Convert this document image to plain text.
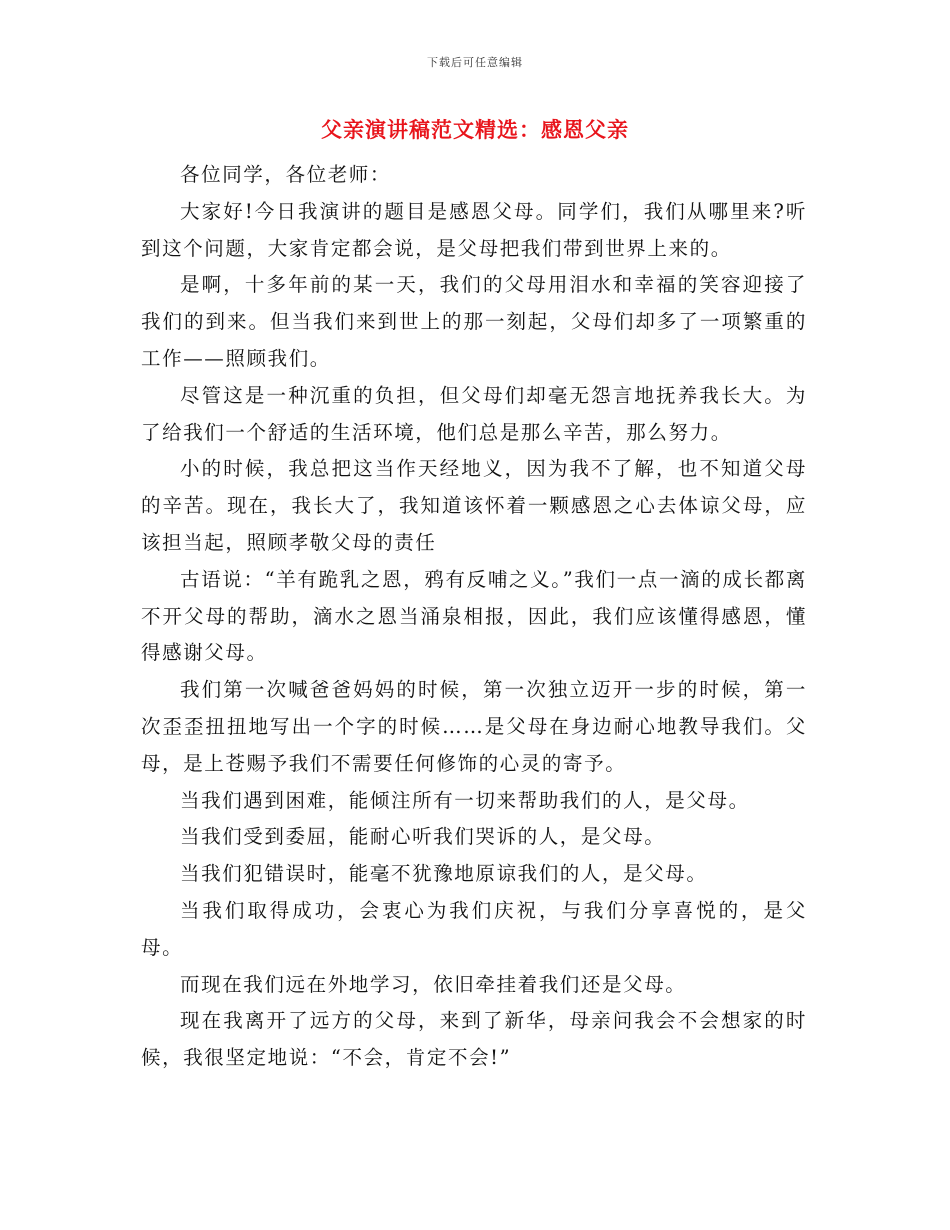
下载后可任意编辑
父亲演讲稿范文精选：感恩父亲

各位同学，各位老师：

大家好!今日我演讲的题目是感恩父母。同学们，我们从哪里来?听到这个问题，大家肯定都会说，是父母把我们带到世界上来的。

是啊，十多年前的某一天，我们的父母用泪水和幸福的笑容迎接了我们的到来。但当我们来到世上的那一刻起，父母们却多了一项繁重的工作——照顾我们。

尽管这是一种沉重的负担，但父母们却毫无怨言地抚养我长大。为了给我们一个舒适的生活环境，他们总是那么辛苦，那么努力。

小的时候，我总把这当作天经地义，因为我不了解，也不知道父母的辛苦。现在，我长大了，我知道该怀着一颗感恩之心去体谅父母，应该担当起，照顾孝敬父母的责任

古语说：“羊有跪乳之恩，鸦有反哺之义。”我们一点一滴的成长都离不开父母的帮助，滴水之恩当涌泉相报，因此，我们应该懂得感恩，懂得感谢父母。

我们第一次喊爸爸妈妈的时候，第一次独立迈开一步的时候，第一次歪歪扭扭地写出一个字的时候……是父母在身边耐心地教导我们。父母，是上苍赐予我们不需要任何修饰的心灵的寄予。

当我们遇到困难，能倾注所有一切来帮助我们的人，是父母。

当我们受到委屈，能耐心听我们哭诉的人，是父母。

当我们犯错误时，能毫不犹豫地原谅我们的人，是父母。

当我们取得成功，会衷心为我们庆祝，与我们分享喜悦的，是父母。

而现在我们远在外地学习，依旧牵挂着我们还是父母。

现在我离开了远方的父母，来到了新华，母亲问我会不会想家的时候，我很坚定地说：“不会，肯定不会!”
